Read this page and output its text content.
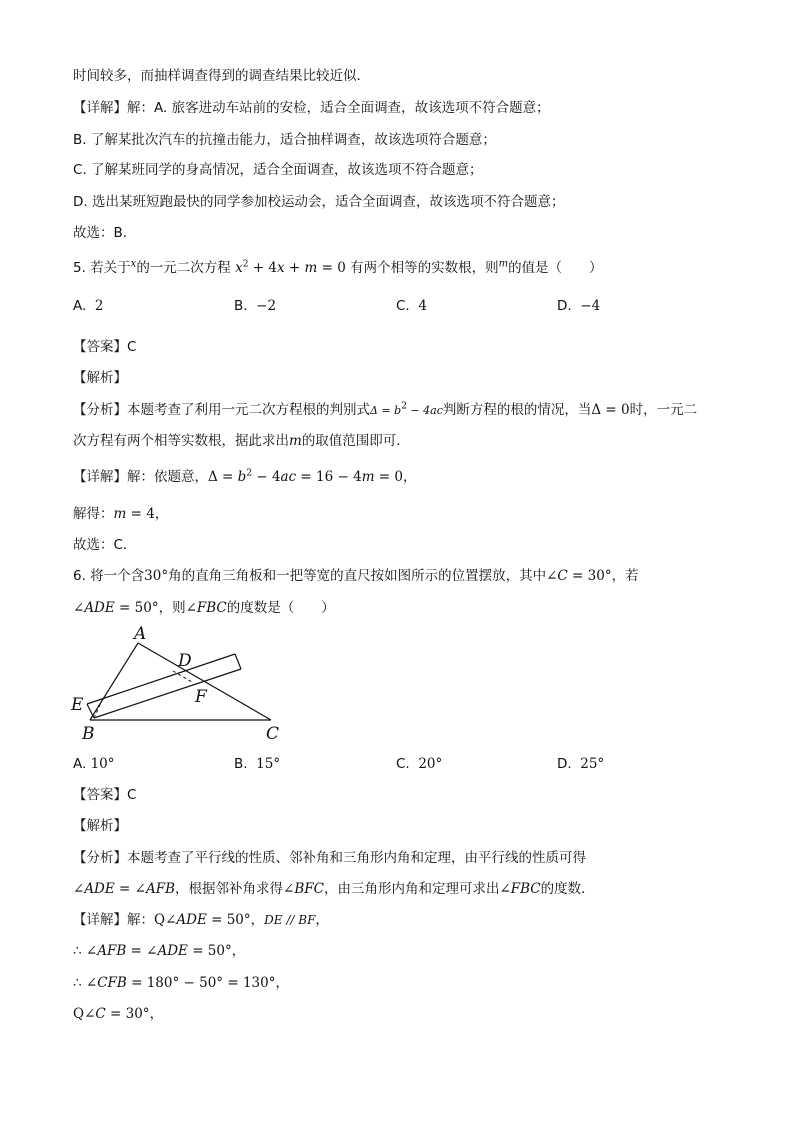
时间较多，而抽样调查得到的调查结果比较近似．
【详解】解：A. 旅客进动车站前的安检，适合全面调查，故该选项不符合题意；
B. 了解某批次汽车的抗撞击能力，适合抽样调查，故该选项符合题意；
C. 了解某班同学的身高情况，适合全面调查，故该选项不符合题意；
D. 选出某班短跑最快的同学参加校运动会，适合全面调查，故该选项不符合题意；
故选：B．
5. 若关于$^x$的一元二次方程 $x^2 + 4x + m = 0$ 有两个相等的实数根，则$^m$的值是（　　）
A. 2	B. −2	C. 4	D. −4
【答案】C
【解析】
【分析】本题考查了利用一元二次方程根的判别式$\Delta = b^2 - 4ac$判断方程的根的情况，当Δ = 0时，一元二
次方程有两个相等实数根，据此求出m的取值范围即可．
【详解】解：依题意，$\Delta = b^2 - 4ac = 16 - 4m = 0$，
解得：m = 4，
故选：C．
6. 将一个含30°角的直角三角板和一把等宽的直尺按如图所示的位置摆放，其中∠C = 30°，若
∠ADE = 50°，则∠FBC的度数是（　　）
A
D
E	F
B	C
A. 10°	B. 15°	C. 20°	D. 25°
【答案】C
【解析】
【分析】本题考查了平行线的性质、邻补角和三角形内角和定理，由平行线的性质可得
∠ADE = ∠AFB，根据邻补角求得∠BFC，由三角形内角和定理可求出∠FBC的度数．
【详解】解：Q∠ADE = 50°，DE // BF，
∴ ∠AFB = ∠ADE = 50°，
∴ ∠CFB = 180° − 50° = 130°，
Q∠C = 30°，
